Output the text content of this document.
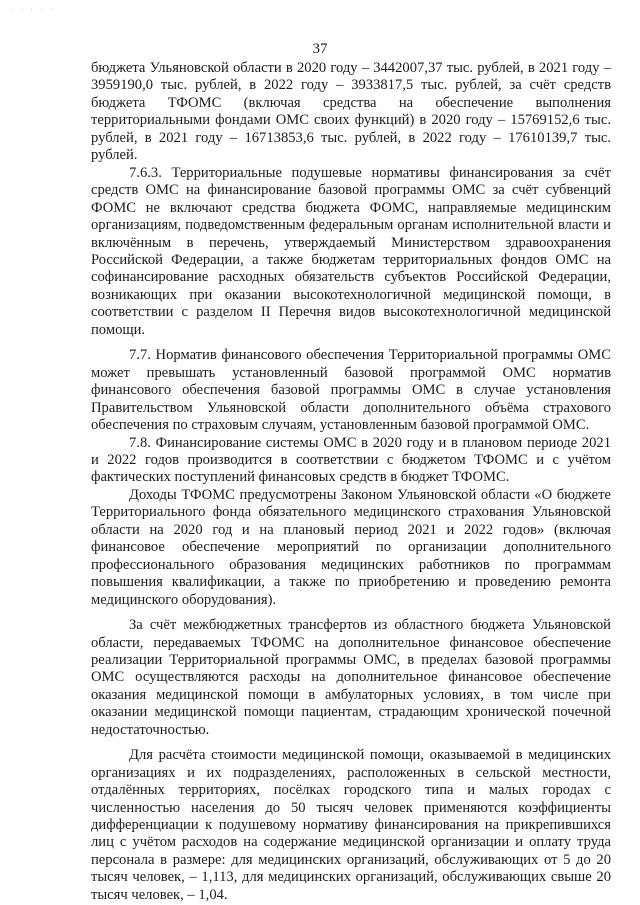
· · · · ·
37

бюджета Ульяновской области в 2020 году – 3442007,37 тыс. рублей, в 2021 году – 3959190,0 тыс. рублей, в 2022 году – 3933817,5 тыс. рублей, за счёт средств бюджета ТФОМС (включая средства на обеспечение выполнения территориальными фондами ОМС своих функций) в 2020 году – 15769152,6 тыс. рублей, в 2021 году – 16713853,6 тыс. рублей, в 2022 году – 17610139,7 тыс. рублей.

7.6.3. Территориальные подушевые нормативы финансирования за счёт средств ОМС на финансирование базовой программы ОМС за счёт субвенций ФОМС не включают средства бюджета ФОМС, направляемые медицинским организациям, подведомственным федеральным органам исполнительной власти и включённым в перечень, утверждаемый Министерством здравоохранения Российской Федерации, а также бюджетам территориальных фондов ОМС на софинансирование расходных обязательств субъектов Российской Федерации, возникающих при оказании высокотехнологичной медицинской помощи, в соответствии с разделом II Перечня видов высокотехнологичной медицинской помощи.

7.7. Норматив финансового обеспечения Территориальной программы ОМС может превышать установленный базовой программой ОМС норматив финансового обеспечения базовой программы ОМС в случае установления Правительством Ульяновской области дополнительного объёма страхового обеспечения по страховым случаям, установленным базовой программой ОМС.

7.8. Финансирование системы ОМС в 2020 году и в плановом периоде 2021 и 2022 годов производится в соответствии с бюджетом ТФОМС и с учётом фактических поступлений финансовых средств в бюджет ТФОМС.

Доходы ТФОМС предусмотрены Законом Ульяновской области «О бюджете Территориального фонда обязательного медицинского страхования Ульяновской области на 2020 год и на плановый период 2021 и 2022 годов» (включая финансовое обеспечение мероприятий по организации дополнительного профессионального образования медицинских работников по программам повышения квалификации, а также по приобретению и проведению ремонта медицинского оборудования).

За счёт межбюджетных трансфертов из областного бюджета Ульяновской области, передаваемых ТФОМС на дополнительное финансовое обеспечение реализации Территориальной программы ОМС, в пределах базовой программы ОМС осуществляются расходы на дополнительное финансовое обеспечение оказания медицинской помощи в амбулаторных условиях, в том числе при оказании медицинской помощи пациентам, страдающим хронической почечной недостаточностью.

Для расчёта стоимости медицинской помощи, оказываемой в медицинских организациях и их подразделениях, расположенных в сельской местности, отдалённых территориях, посёлках городского типа и малых городах с численностью населения до 50 тысяч человек применяются коэффициенты дифференциации к подушевому нормативу финансирования на прикрепившихся лиц с учётом расходов на содержание медицинской организации и оплату труда персонала в размере: для медицинских организаций, обслуживающих от 5 до 20 тысяч человек, – 1,113, для медицинских организаций, обслуживающих свыше 20 тысяч человек, – 1,04.
